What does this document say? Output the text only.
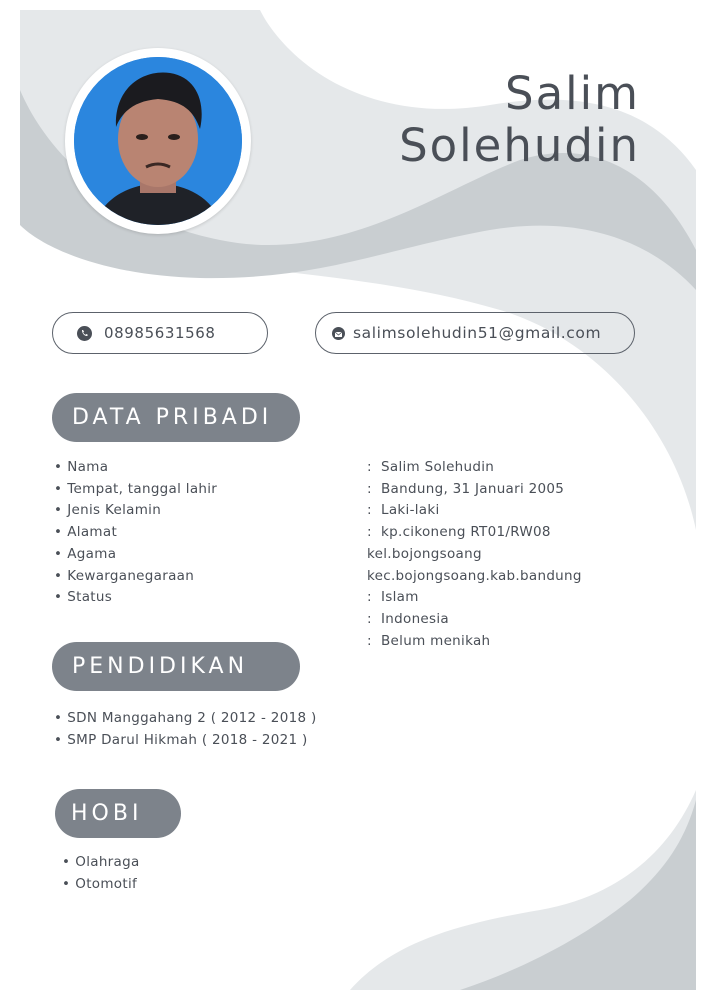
Salim
Solehudin
08985631568	salimsolehudin51@gmail.com
DATA PRIBADI
• Nama
• Tempat, tanggal lahir
• Jenis Kelamin
• Alamat
• Agama
• Kewarganegaraan
• Status
:Salim Solehudin
:Bandung, 31 Januari 2005
:Laki-laki
:kp.cikoneng RT01/RW08
kel.bojongsoang
kec.bojongsoang.kab.bandung
:Islam
:Indonesia
:Belum menikah
PENDIDIKAN
• SDN Manggahang 2 ( 2012 - 2018 )
• SMP Darul Hikmah ( 2018 - 2021 )
HOBI
• Olahraga
• Otomotif
